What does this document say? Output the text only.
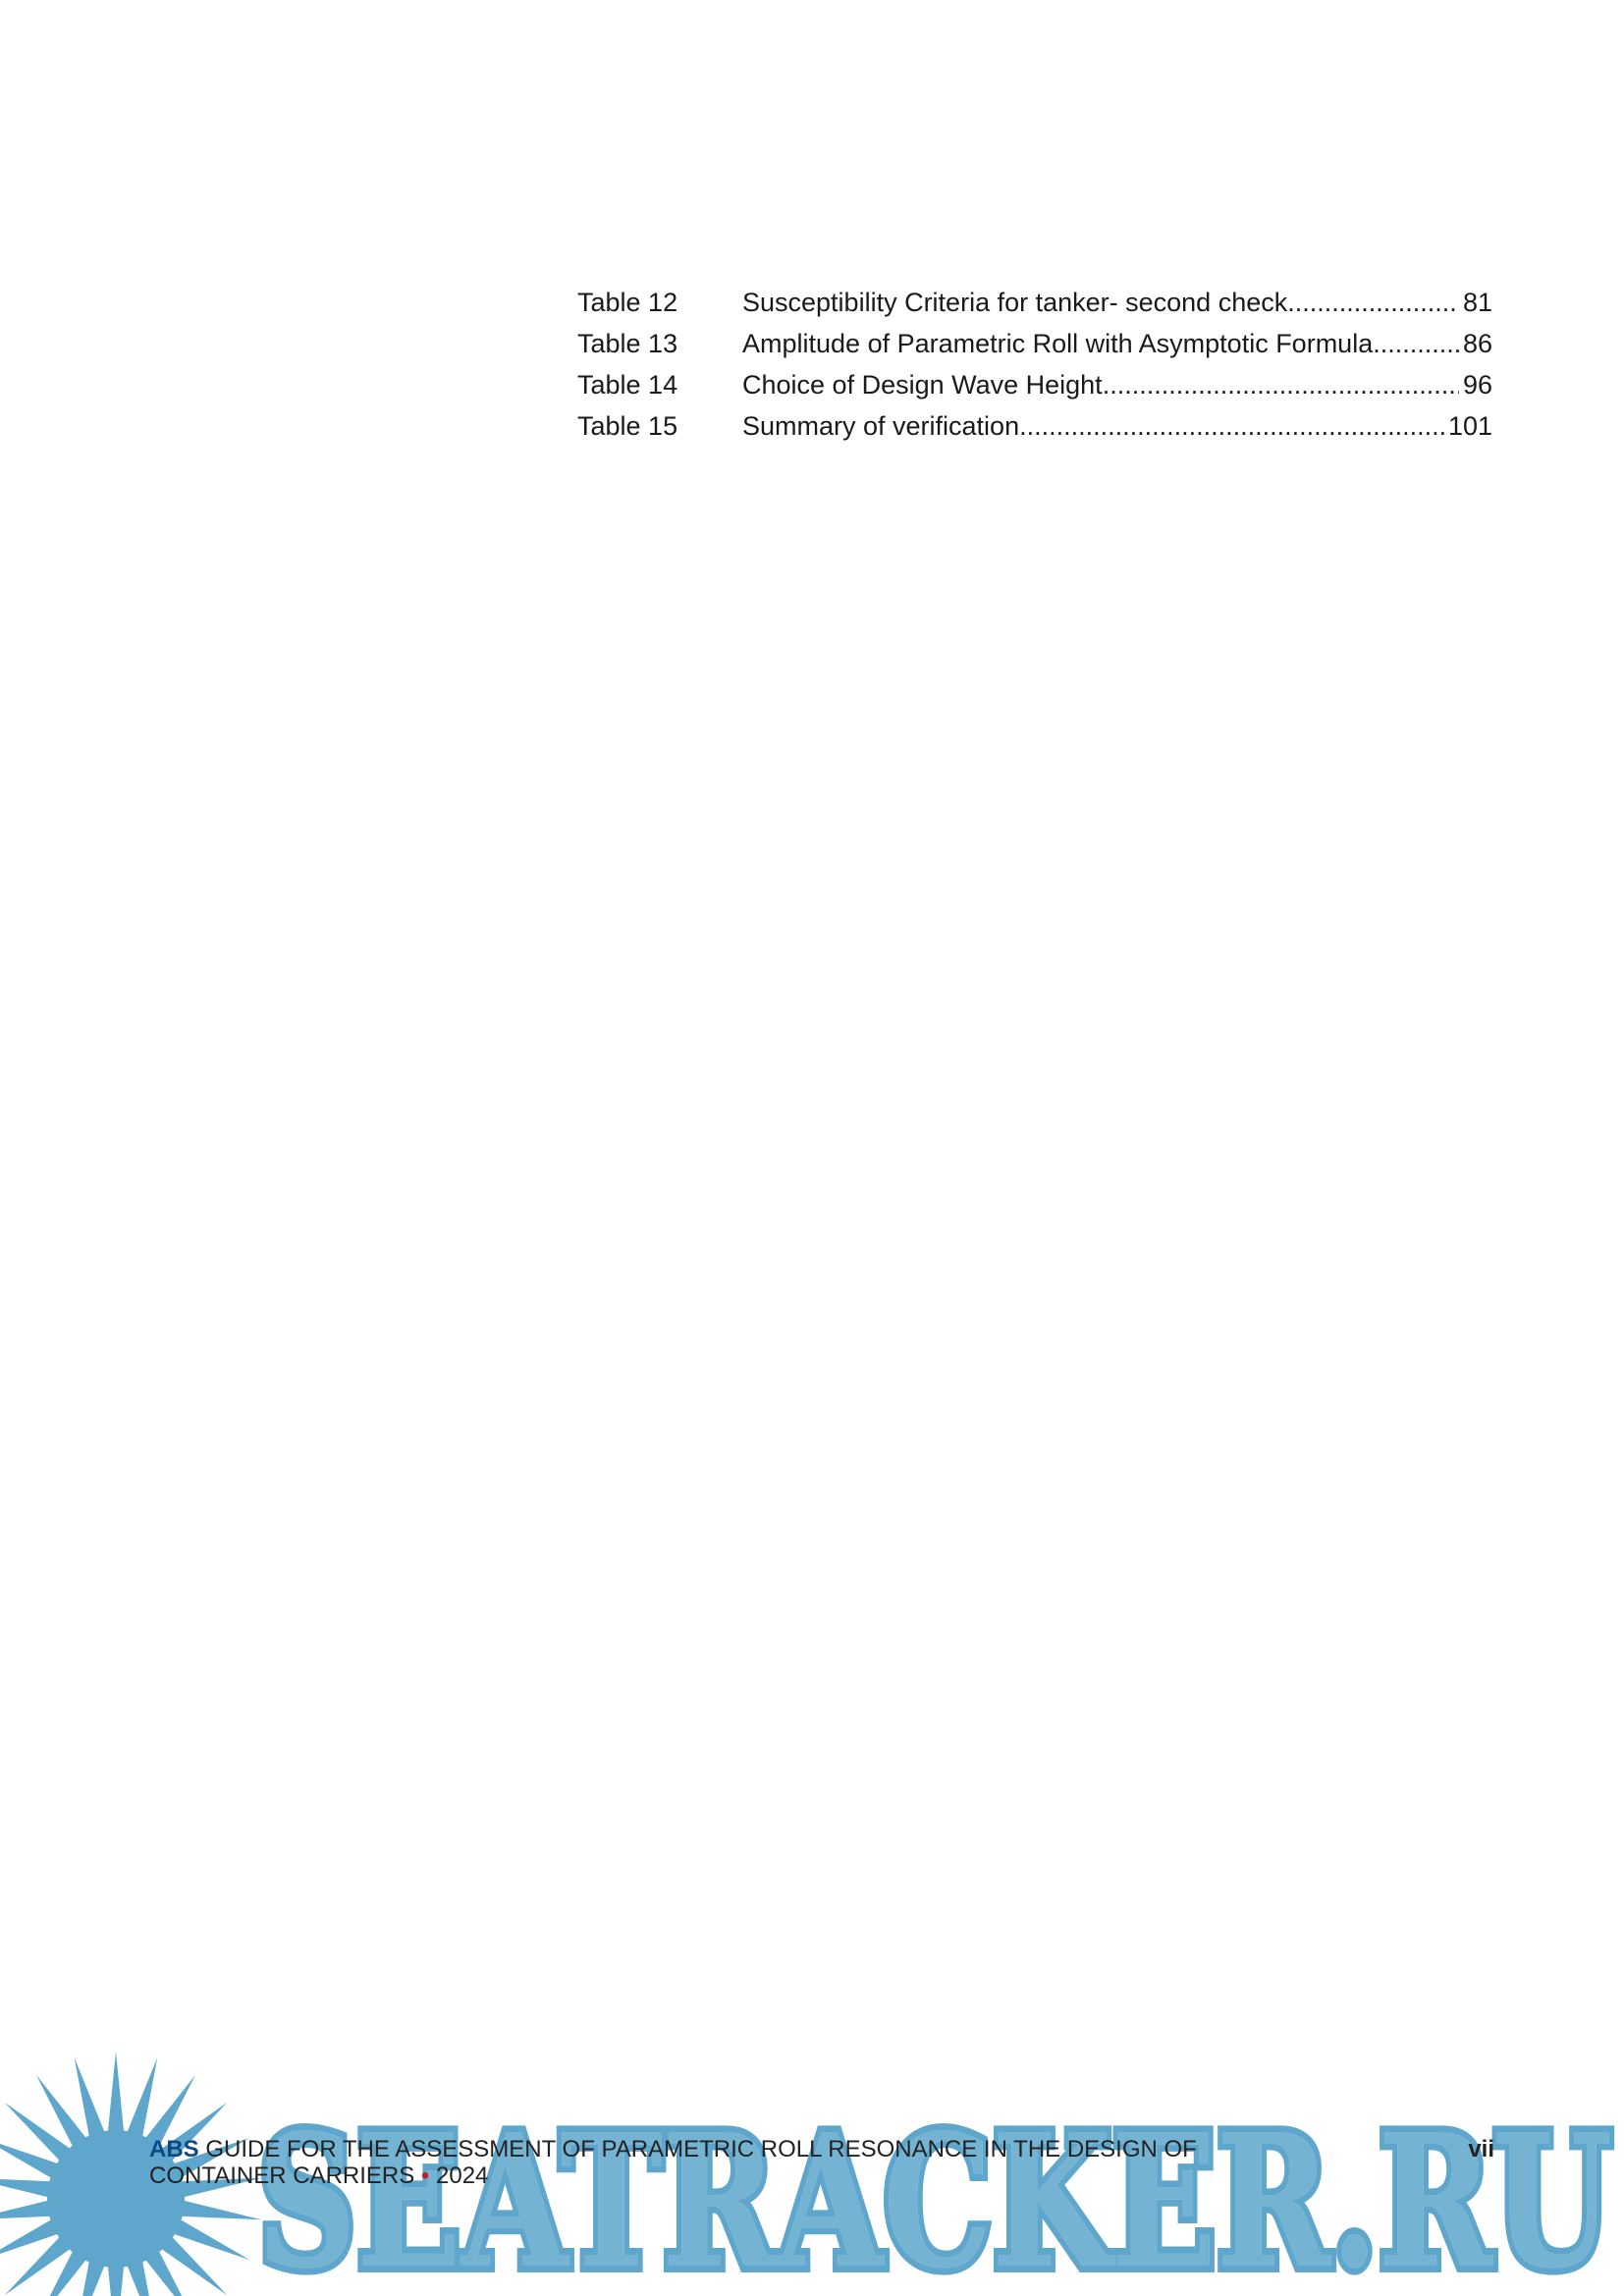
Table 12	Susceptibility Criteria for tanker- second check .....	81
Table 13	Amplitude of Parametric Roll with Asymptotic Formula .....	86
Table 14	Choice of Design Wave Height .....	96
Table 15	Summary of verification .....	101
SEATRACKER.RU
SEATRACKER.RU
ABS GUIDE FOR THE ASSESSMENT OF PARAMETRIC ROLL RESONANCE IN THE DESIGN OF
CONTAINER CARRIERS • 2024
vii
